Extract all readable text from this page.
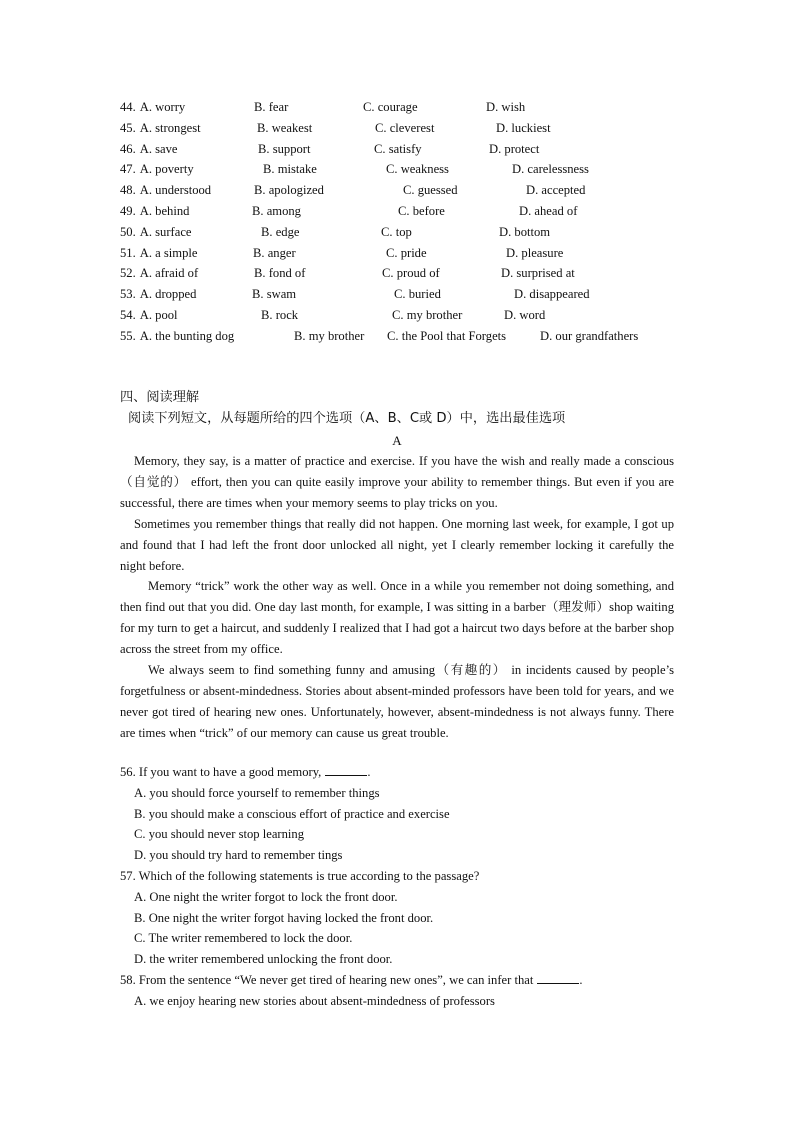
44. A. worry	B. fear	C. courage	D. wish
45. A. strongest	B. weakest	C. cleverest	D. luckiest
46. A. save	B. support	C. satisfy	D. protect
47. A. poverty	B. mistake	C. weakness	D. carelessness
48. A. understood	B. apologized	C. guessed	D. accepted
49. A. behind	B. among	C. before	D. ahead of
50. A. surface	B. edge	C. top	D. bottom
51. A. a simple	B. anger	C. pride	D. pleasure
52. A. afraid of	B. fond of	C. proud of	D. surprised at
53. A. dropped	B. swam	C. buried	D. disappeared
54. A. pool	B. rock	C. my brother	D. word
55. A. the bunting dog	B. my brother C. the Pool that Forgets	D. our grandfathers
四、阅读理解
阅读下列短文，从每题所给的四个选项（A、B、C或 D）中，选出最佳选项
A

Memory, they say, is a matter of practice and exercise. If you have the wish and really made a conscious（自觉的） effort, then you can quite easily improve your ability to remember things. But even if you are successful, there are times when your memory seems to play tricks on you.

Sometimes you remember things that really did not happen. One morning last week, for example, I got up and found that I had left the front door unlocked all night, yet I clearly remember locking it carefully the night before.

Memory “trick” work the other way as well. Once in a while you remember not doing something, and then find out that you did. One day last month, for example, I was sitting in a barber（理发师）shop waiting for my turn to get a haircut, and suddenly I realized that I had got a haircut two days before at the barber shop across the street from my office.

We always seem to find something funny and amusing（有趣的） in incidents caused by people’s forgetfulness or absent-mindedness. Stories about absent-minded professors have been told for years, and we never got tired of hearing new ones. Unfortunately, however, absent-mindedness is not always funny. There are times when “trick” of our memory can cause us great trouble.

56. If you want to have a good memory,	.

A. you should force yourself to remember things

B. you should make a conscious effort of practice and exercise

C. you should never stop learning

D. you should try hard to remember tings

57. Which of the following statements is true according to the passage?

A. One night the writer forgot to lock the front door.

B. One night the writer forgot having locked the front door.

C. The writer remembered to lock the door.

D. the writer remembered unlocking the front door.

58. From the sentence “We never get tired of hearing new ones”, we can infer that	.

A. we enjoy hearing new stories about absent-mindedness of professors
